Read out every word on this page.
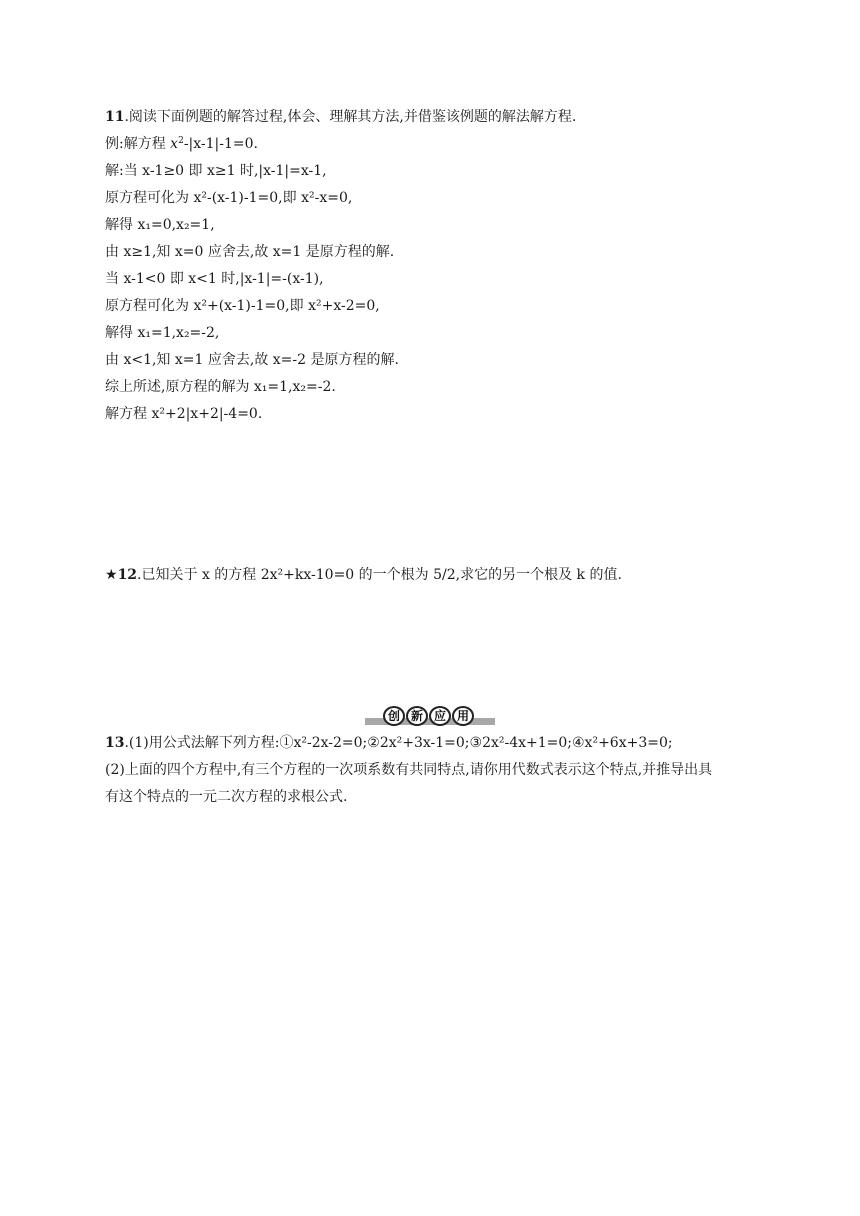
11.阅读下面例题的解答过程,体会、理解其方法,并借鉴该例题的解法解方程.
例:解方程 $x^2-|x-1|-1=0$.
解:当 x-1≥0 即 x≥1 时,|x-1|=x-1,
原方程可化为 x²-(x-1)-1=0,即 x²-x=0,
解得 x₁=0,x₂=1,
由 x≥1,知 x=0 应舍去,故 x=1 是原方程的解.
当 x-1<0 即 x<1 时,|x-1|=-(x-1),
原方程可化为 x²+(x-1)-1=0,即 x²+x-2=0,
解得 x₁=1,x₂=-2,
由 x<1,知 x=1 应舍去,故 x=-2 是原方程的解.
综上所述,原方程的解为 x₁=1,x₂=-2.
解方程 x²+2|x+2|-4=0.
★12.已知关于 x 的方程 2x²+kx-10=0 的一个根为 5/2,求它的另一个根及 k 的值.
创 新 应 用
13.(1)用公式法解下列方程:①x²-2x-2=0;②2x²+3x-1=0;③2x²-4x+1=0;④x²+6x+3=0;
(2)上面的四个方程中,有三个方程的一次项系数有共同特点,请你用代数式表示这个特点,并推导出具
有这个特点的一元二次方程的求根公式.
